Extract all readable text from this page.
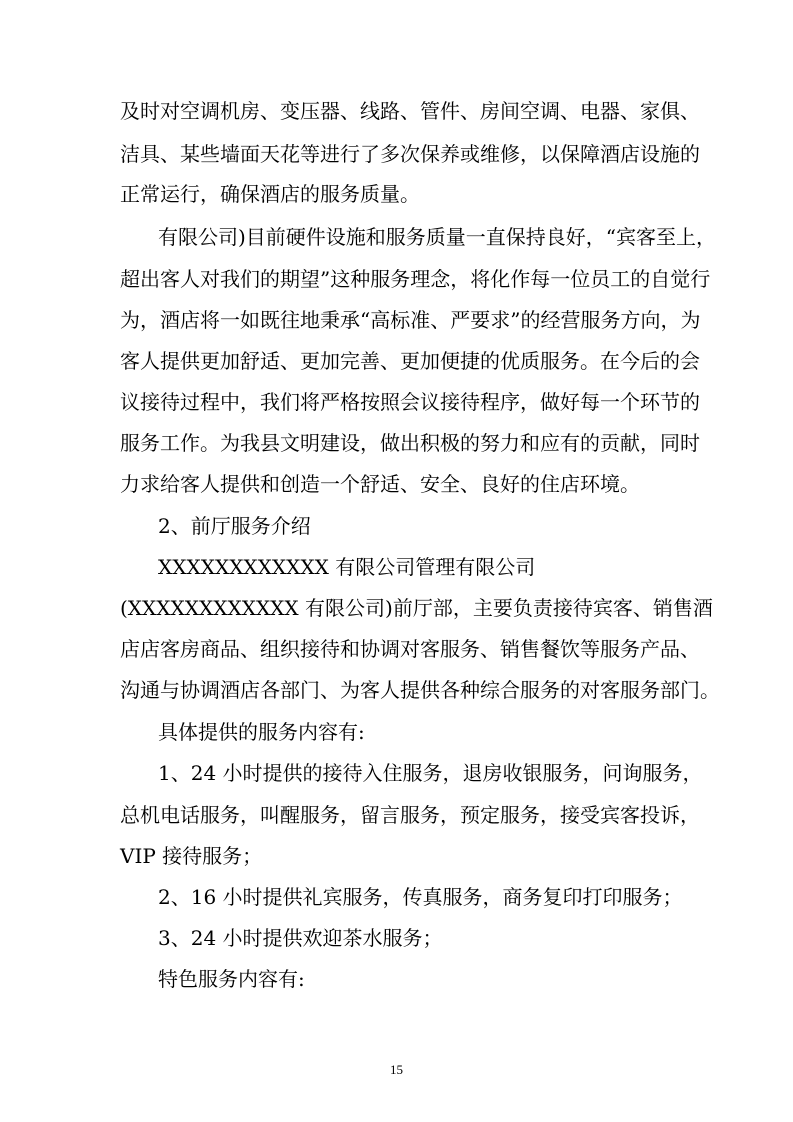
及时对空调机房、变压器、线路、管件、房间空调、电器、家俱、

洁具、某些墙面天花等进行了多次保养或维修，以保障酒店设施的

正常运行，确保酒店的服务质量。

有限公司)目前硬件设施和服务质量一直保持良好，“宾客至上，

超出客人对我们的期望”这种服务理念，将化作每一位员工的自觉行

为，酒店将一如既往地秉承“高标准、严要求”的经营服务方向，为

客人提供更加舒适、更加完善、更加便捷的优质服务。在今后的会

议接待过程中，我们将严格按照会议接待程序，做好每一个环节的

服务工作。为我县文明建设，做出积极的努力和应有的贡献，同时

力求给客人提供和创造一个舒适、安全、良好的住店环境。

2、前厅服务介绍

XXXXXXXXXXXX 有限公司管理有限公司

(XXXXXXXXXXXX 有限公司)前厅部，主要负责接待宾客、销售酒

店店客房商品、组织接待和协调对客服务、销售餐饮等服务产品、

沟通与协调酒店各部门、为客人提供各种综合服务的对客服务部门。

具体提供的服务内容有:

1、24 小时提供的接待入住服务，退房收银服务，问询服务，

总机电话服务，叫醒服务，留言服务，预定服务，接受宾客投诉，

VIP 接待服务；

2、16 小时提供礼宾服务，传真服务，商务复印打印服务；

3、24 小时提供欢迎茶水服务；

特色服务内容有:

15
